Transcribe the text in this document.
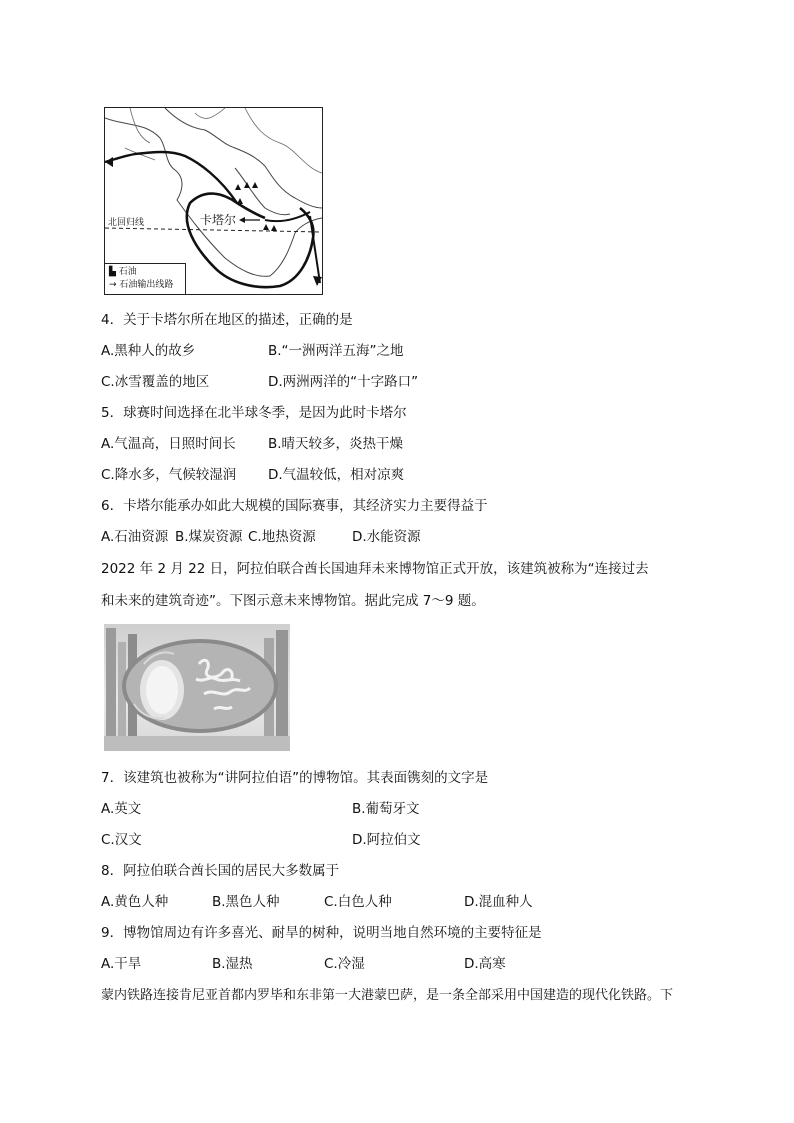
卡塔尔
北回归线
▙ 石油
→ 石油输出线路
4．关于卡塔尔所在地区的描述，正确的是
A.黑种人的故乡	B.“一洲两洋五海”之地
C.冰雪覆盖的地区	D.两洲两洋的“十字路口”
5．球赛时间选择在北半球冬季，是因为此时卡塔尔
A.气温高，日照时间长 B.晴天较多，炎热干燥
C.降水多，气候较湿润 D.气温较低，相对凉爽
6．卡塔尔能承办如此大规模的国际赛事，其经济实力主要得益于
A.石油资源 B.煤炭资源 C.地热资源	D.水能资源
2022 年 2 月 22 日，阿拉伯联合酋长国迪拜未来博物馆正式开放，该建筑被称为“连接过去
和未来的建筑奇迹”。下图示意未来博物馆。据此完成 7～9 题。
7．该建筑也被称为“讲阿拉伯语”的博物馆。其表面镌刻的文字是
A.英文	B.葡萄牙文
C.汉文	D.阿拉伯文
8．阿拉伯联合酋长国的居民大多数属于
A.黄色人种	B.黑色人种	C.白色人种	D.混血种人
9．博物馆周边有许多喜光、耐旱的树种，说明当地自然环境的主要特征是
A.干旱	B.湿热	C.冷湿	D.高寒
蒙内铁路连接肯尼亚首都内罗毕和东非第一大港蒙巴萨，是一条全部采用中国建造的现代化铁路。下
